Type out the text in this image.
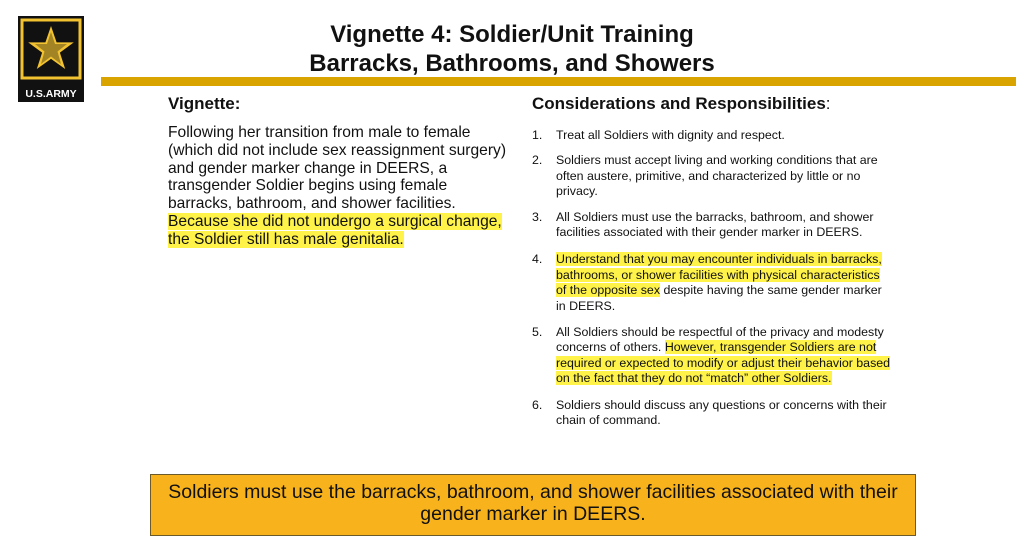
U.S.ARMY
Vignette 4: Soldier/Unit Training
Barracks, Bathrooms, and Showers
Vignette:

Following her transition from male to female (which did not include sex reassignment surgery) and gender marker change in DEERS, a transgender Soldier begins using female barracks, bathroom, and shower facilities. Because she did not undergo a surgical change, the Soldier still has male genitalia.

Considerations and Responsibilities:
1. Treat all Soldiers with dignity and respect.
2. Soldiers must accept living and working conditions that are often austere, primitive, and characterized by little or no privacy.
3. All Soldiers must use the barracks, bathroom, and shower facilities associated with their gender marker in DEERS.
4. Understand that you may encounter individuals in barracks, bathrooms, or shower facilities with physical characteristics of the opposite sex despite having the same gender marker in DEERS.
5. All Soldiers should be respectful of the privacy and modesty concerns of others. However, transgender Soldiers are not required or expected to modify or adjust their behavior based on the fact that they do not “match” other Soldiers.
6. Soldiers should discuss any questions or concerns with their chain of command.
Soldiers must use the barracks, bathroom, and shower facilities associated with their gender marker in DEERS.
